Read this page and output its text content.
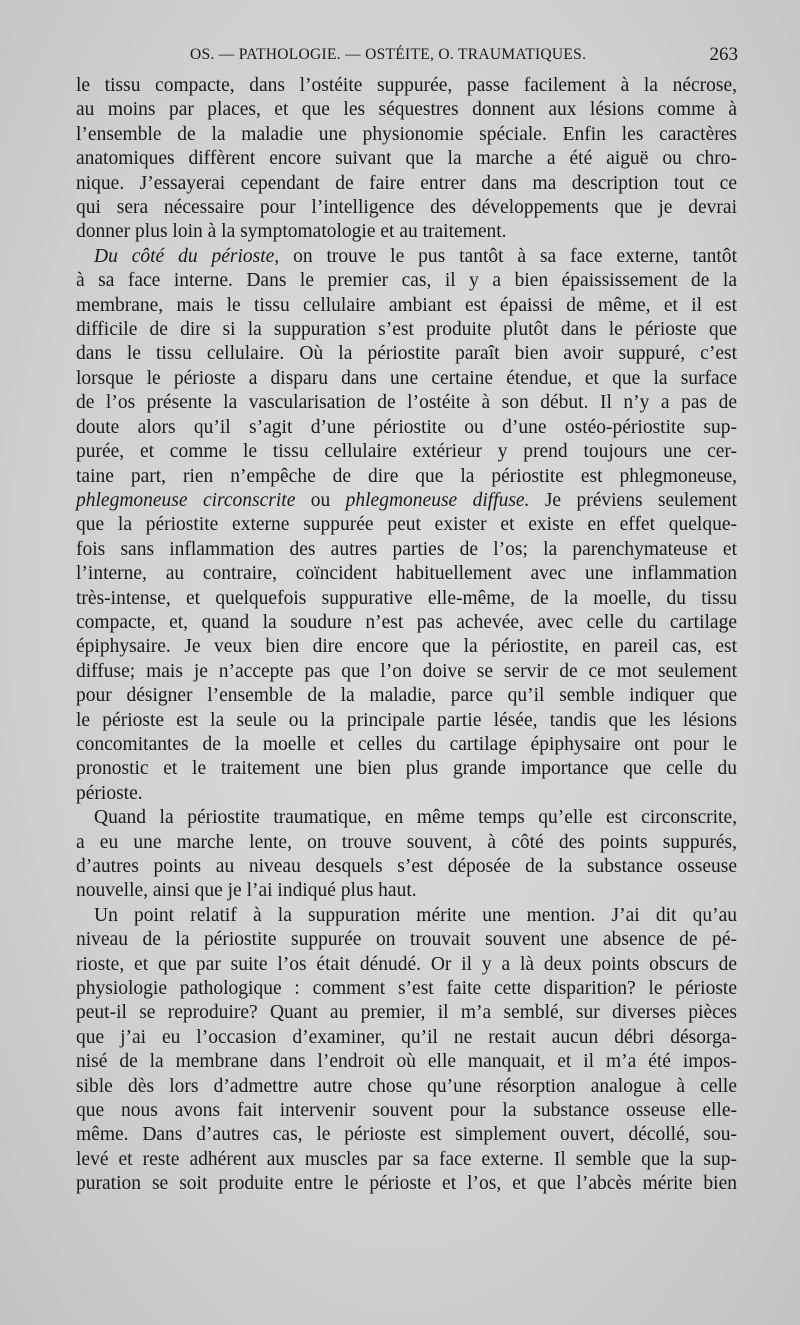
OS. — PATHOLOGIE. — OSTÉITE, O. TRAUMATIQUES.	263

le tissu compacte, dans l’ostéite suppurée, passe facilement à la nécrose,
au moins par places, et que les séquestres donnent aux lésions comme à
l’ensemble de la maladie une physionomie spéciale. Enfin les caractères
anatomiques diffèrent encore suivant que la marche a été aiguë ou chro-
nique. J’essayerai cependant de faire entrer dans ma description tout ce
qui sera nécessaire pour l’intelligence des développements que je devrai
donner plus loin à la symptomatologie et au traitement.

Du côté du périoste, on trouve le pus tantôt à sa face externe, tantôt
à sa face interne. Dans le premier cas, il y a bien épaississement de la
membrane, mais le tissu cellulaire ambiant est épaissi de même, et il est
difficile de dire si la suppuration s’est produite plutôt dans le périoste que
dans le tissu cellulaire. Où la périostite paraît bien avoir suppuré, c’est
lorsque le périoste a disparu dans une certaine étendue, et que la surface
de l’os présente la vascularisation de l’ostéite à son début. Il n’y a pas de
doute alors qu’il s’agit d’une périostite ou d’une ostéo-périostite sup-
purée, et comme le tissu cellulaire extérieur y prend toujours une cer-
taine part, rien n’empêche de dire que la périostite est phlegmoneuse,
phlegmoneuse circonscrite ou phlegmoneuse diffuse. Je préviens seulement
que la périostite externe suppurée peut exister et existe en effet quelque-
fois sans inflammation des autres parties de l’os; la parenchymateuse et
l’interne, au contraire, coïncident habituellement avec une inflammation
très-intense, et quelquefois suppurative elle-même, de la moelle, du tissu
compacte, et, quand la soudure n’est pas achevée, avec celle du cartilage
épiphysaire. Je veux bien dire encore que la périostite, en pareil cas, est
diffuse; mais je n’accepte pas que l’on doive se servir de ce mot seulement
pour désigner l’ensemble de la maladie, parce qu’il semble indiquer que
le périoste est la seule ou la principale partie lésée, tandis que les lésions
concomitantes de la moelle et celles du cartilage épiphysaire ont pour le
pronostic et le traitement une bien plus grande importance que celle du
périoste.

Quand la périostite traumatique, en même temps qu’elle est circonscrite,
a eu une marche lente, on trouve souvent, à côté des points suppurés,
d’autres points au niveau desquels s’est déposée de la substance osseuse
nouvelle, ainsi que je l’ai indiqué plus haut.

Un point relatif à la suppuration mérite une mention. J’ai dit qu’au
niveau de la périostite suppurée on trouvait souvent une absence de pé-
rioste, et que par suite l’os était dénudé. Or il y a là deux points obscurs de
physiologie pathologique : comment s’est faite cette disparition? le périoste
peut-il se reproduire? Quant au premier, il m’a semblé, sur diverses pièces
que j’ai eu l’occasion d’examiner, qu’il ne restait aucun débri désorga-
nisé de la membrane dans l’endroit où elle manquait, et il m’a été impos-
sible dès lors d’admettre autre chose qu’une résorption analogue à celle
que nous avons fait intervenir souvent pour la substance osseuse elle-
même. Dans d’autres cas, le périoste est simplement ouvert, décollé, sou-
levé et reste adhérent aux muscles par sa face externe. Il semble que la sup-
puration se soit produite entre le périoste et l’os, et que l’abcès mérite bien
